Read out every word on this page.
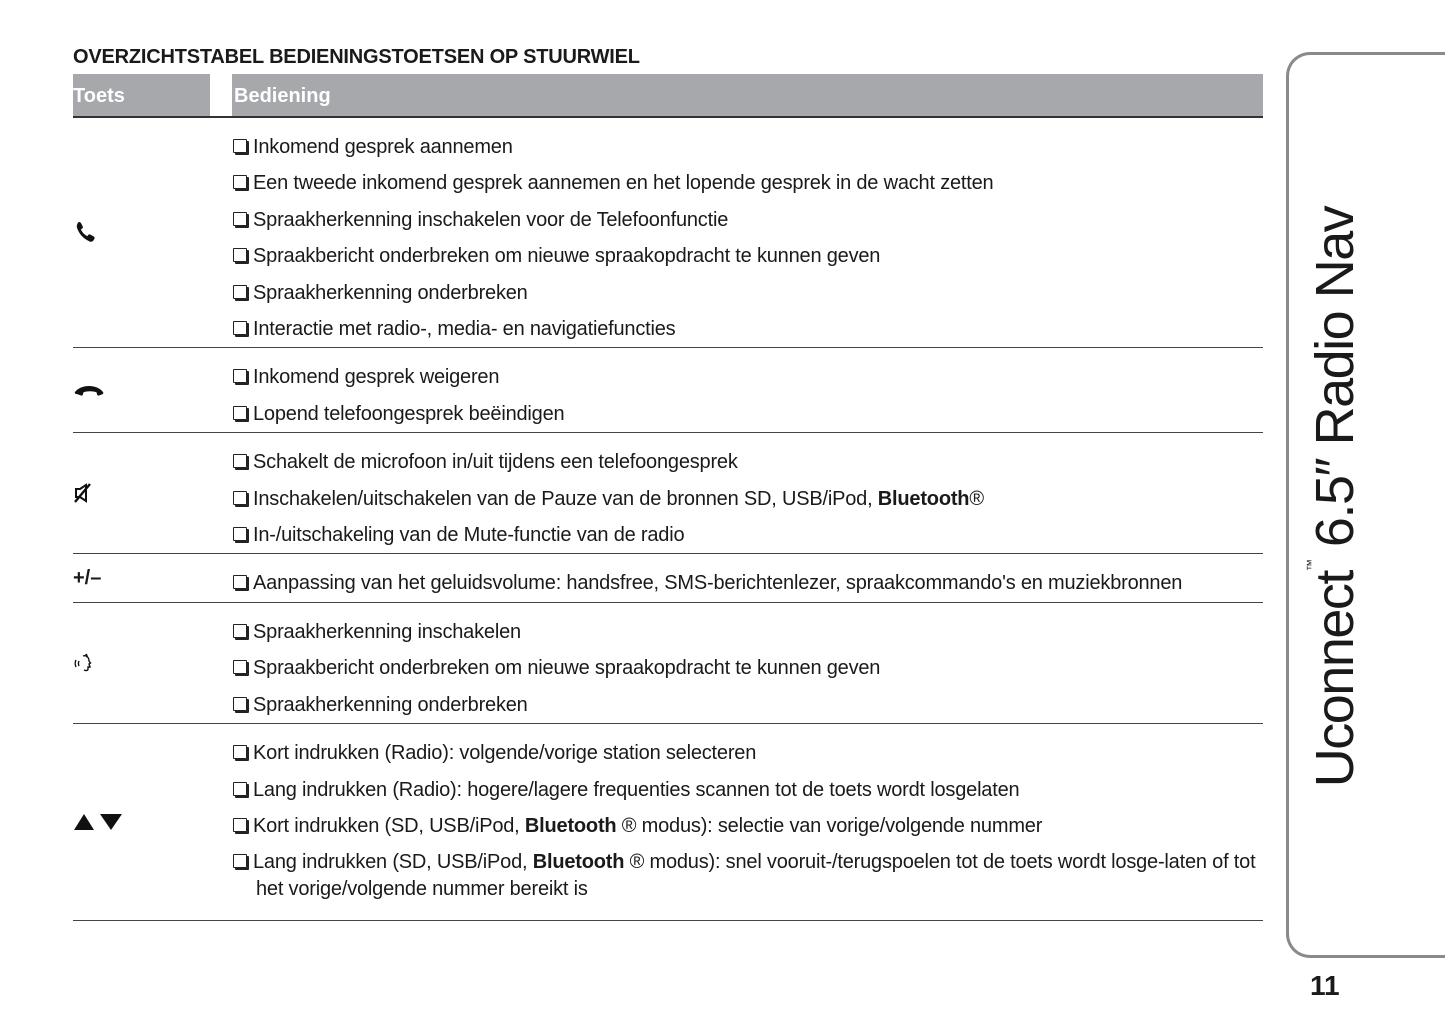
OVERZICHTSTABEL BEDIENINGSTOETSEN OP STUURWIEL
Toets	Bediening
Inkomend gesprek aannemen
Een tweede inkomend gesprek aannemen en het lopende gesprek in de wacht zetten
Spraakherkenning inschakelen voor de Telefoonfunctie
Spraakbericht onderbreken om nieuwe spraakopdracht te kunnen geven
Spraakherkenning onderbreken
Interactie met radio-, media- en navigatiefuncties
Inkomend gesprek weigeren
Lopend telefoongesprek beëindigen
Schakelt de microfoon in/uit tijdens een telefoongesprek
Inschakelen/uitschakelen van de Pauze van de bronnen SD, USB/iPod, Bluetooth®
In-/uitschakeling van de Mute-functie van de radio
+/–	Aanpassing van het geluidsvolume: handsfree, SMS-berichtenlezer, spraakcommando's en muziekbronnen
Spraakherkenning inschakelen
Spraakbericht onderbreken om nieuwe spraakopdracht te kunnen geven
Spraakherkenning onderbreken
Kort indrukken (Radio): volgende/vorige station selecteren
Lang indrukken (Radio): hogere/lagere frequenties scannen tot de toets wordt losgelaten
Kort indrukken (SD, USB/iPod, Bluetooth ® modus): selectie van vorige/volgende nummer
Lang indrukken (SD, USB/iPod, Bluetooth ® modus): snel vooruit-/terugspoelen tot de toets wordt losge-laten of tot het vorige/volgende nummer bereikt is
Uconnect™ 6.5″ Radio Nav
11
